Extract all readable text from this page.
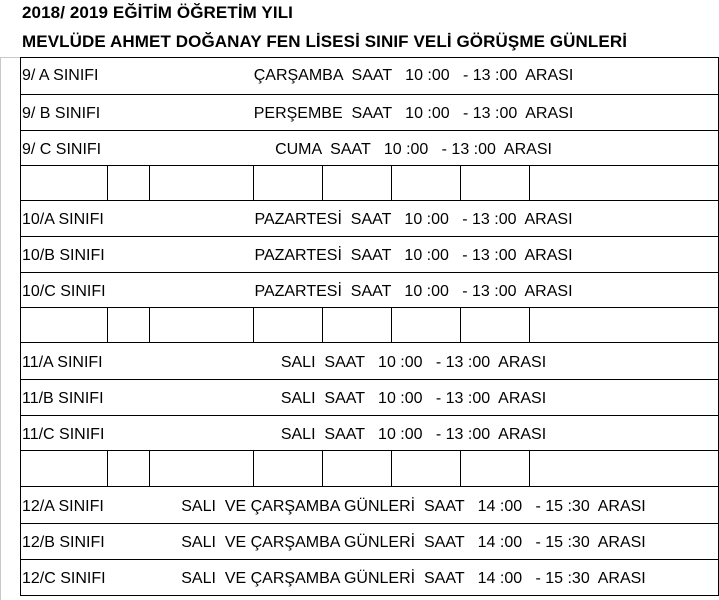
2018/ 2019 EĞİTİM ÖĞRETİM YILI
MEVLÜDE AHMET DOĞANAY FEN LİSESİ SINIF VELİ GÖRÜŞME GÜNLERİ
9/ A SINIFI	ÇARŞAMBA  SAAT   10 :00   - 13 :00  ARASI
9/ B SINIFI	PERŞEMBE  SAAT   10 :00   - 13 :00  ARASI
9/ C SINIFI	CUMA  SAAT   10 :00   - 13 :00  ARASI
10/A SINIFI	PAZARTESİ  SAAT   10 :00   - 13 :00  ARASI
10/B SINIFI	PAZARTESİ  SAAT   10 :00   - 13 :00  ARASI
10/C SINIFI	PAZARTESİ  SAAT   10 :00   - 13 :00  ARASI
11/A SINIFI	SALI  SAAT   10 :00   - 13 :00  ARASI
11/B SINIFI	SALI  SAAT   10 :00   - 13 :00  ARASI
11/C SINIFI	SALI  SAAT   10 :00   - 13 :00  ARASI
12/A SINIFI	SALI  VE ÇARŞAMBA GÜNLERİ  SAAT   14 :00   - 15 :30  ARASI
12/B SINIFI	SALI  VE ÇARŞAMBA GÜNLERİ  SAAT   14 :00   - 15 :30  ARASI
12/C SINIFI	SALI  VE ÇARŞAMBA GÜNLERİ  SAAT   14 :00   - 15 :30  ARASI
